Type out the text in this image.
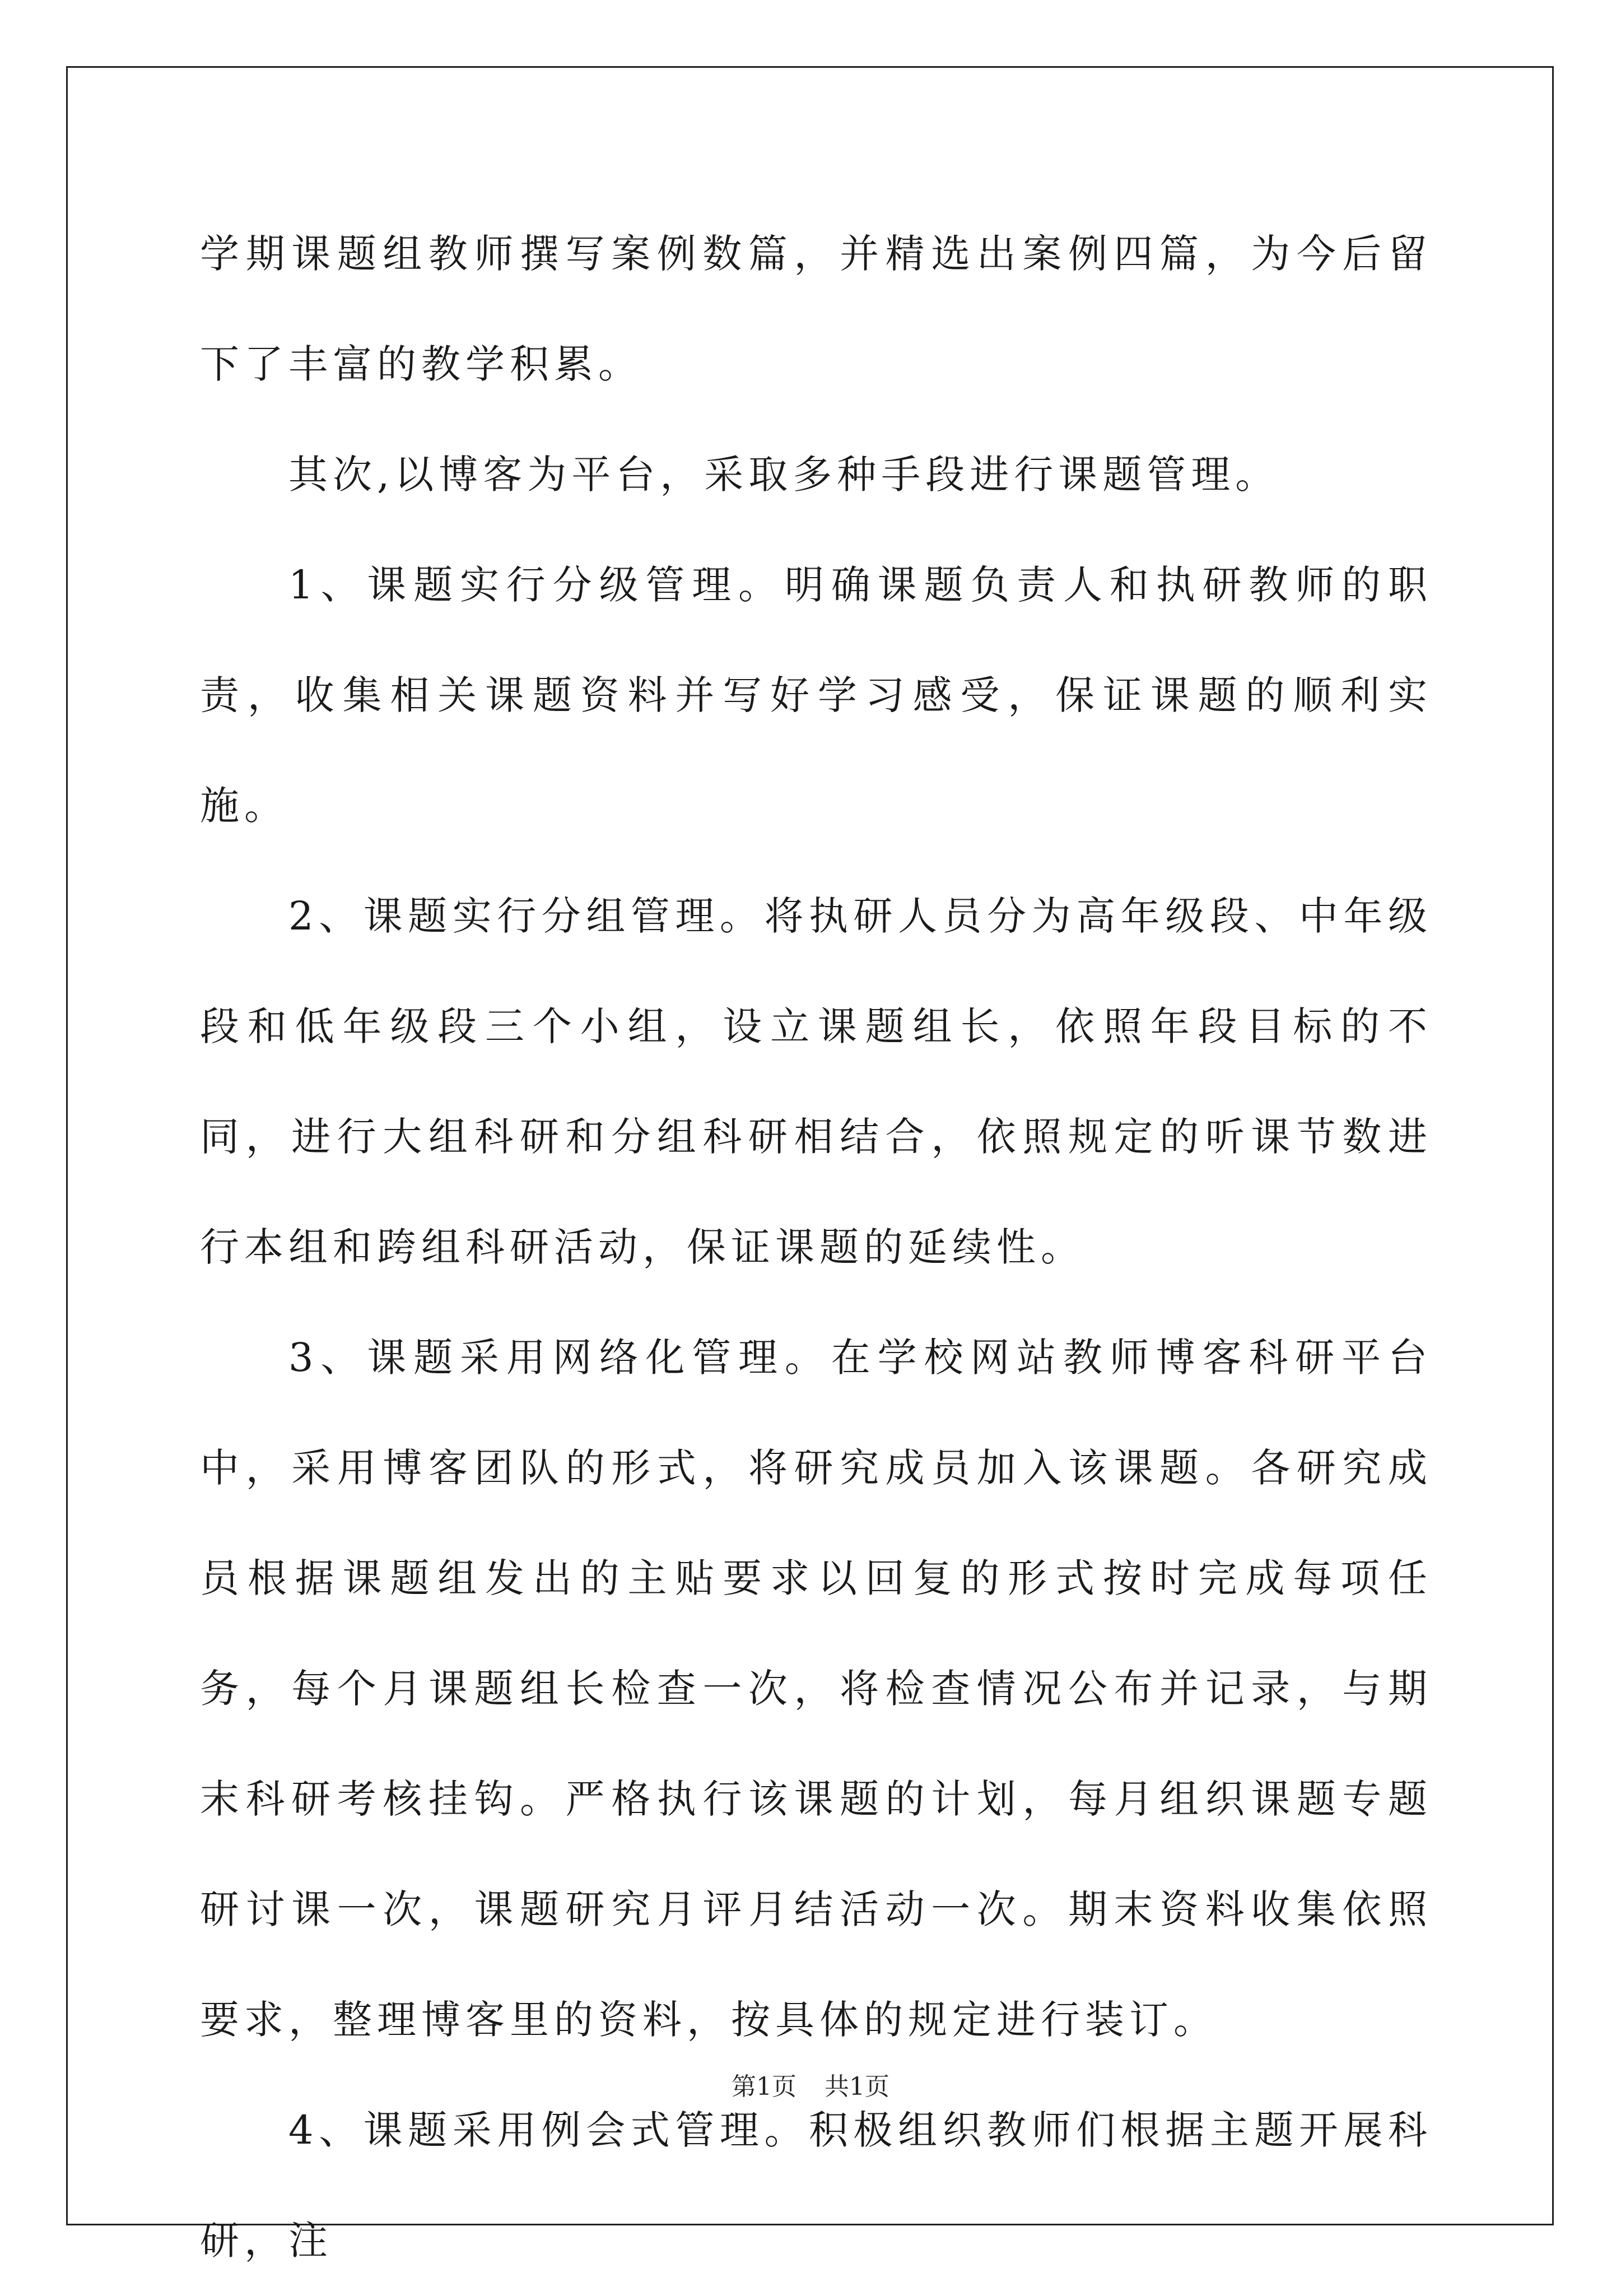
学期课题组教师撰写案例数篇，并精选出案例四篇，为今后留下了丰富的教学积累。

其次,以博客为平台，采取多种手段进行课题管理。

1、课题实行分级管理。明确课题负责人和执研教师的职责，收集相关课题资料并写好学习感受，保证课题的顺利实施。

2、课题实行分组管理。将执研人员分为高年级段、中年级段和低年级段三个小组，设立课题组长，依照年段目标的不同，进行大组科研和分组科研相结合，依照规定的听课节数进行本组和跨组科研活动，保证课题的延续性。

3、课题采用网络化管理。在学校网站教师博客科研平台中，采用博客团队的形式，将研究成员加入该课题。各研究成员根据课题组发出的主贴要求以回复的形式按时完成每项任务，每个月课题组长检查一次，将检查情况公布并记录，与期末科研考核挂钩。严格执行该课题的计划，每月组织课题专题研讨课一次，课题研究月评月结活动一次。期末资料收集依照要求，整理博客里的资料，按具体的规定进行装订。

4、课题采用例会式管理。积极组织教师们根据主题开展科研，注

第1页 共1页
